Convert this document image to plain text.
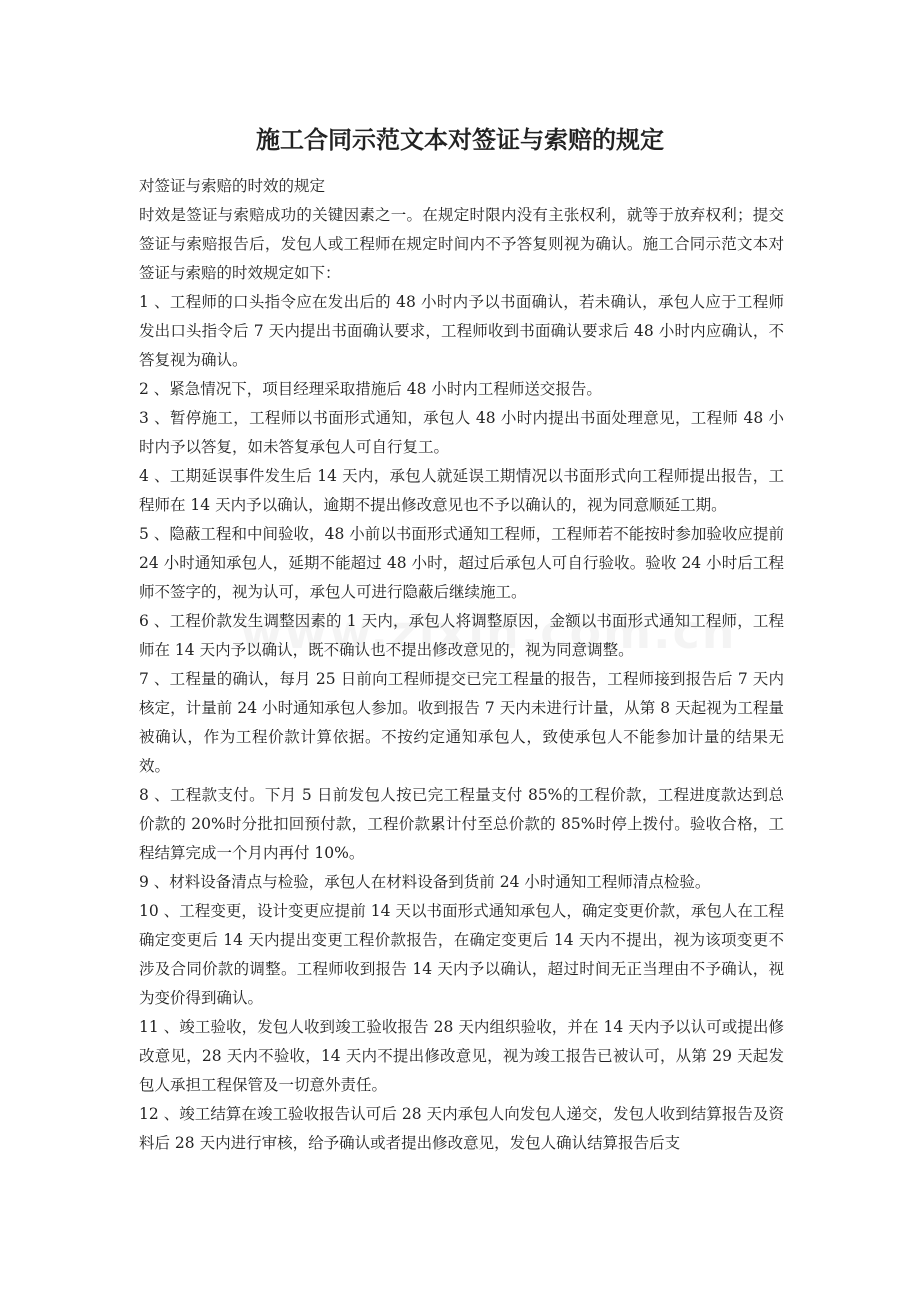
施工合同示范文本对签证与索赔的规定

对签证与索赔的时效的规定

时效是签证与索赔成功的关键因素之一。在规定时限内没有主张权利，就等于放弃权利；提交签证与索赔报告后，发包人或工程师在规定时间内不予答复则视为确认。施工合同示范文本对签证与索赔的时效规定如下：

1 、工程师的口头指令应在发出后的 48 小时内予以书面确认，若未确认，承包人应于工程师发出口头指令后 7 天内提出书面确认要求，工程师收到书面确认要求后 48 小时内应确认，不答复视为确认。

2 、紧急情况下，项目经理采取措施后 48 小时内工程师送交报告。

3 、暂停施工，工程师以书面形式通知，承包人 48 小时内提出书面处理意见，工程师 48 小时内予以答复，如未答复承包人可自行复工。

4 、工期延误事件发生后 14 天内，承包人就延误工期情况以书面形式向工程师提出报告，工程师在 14 天内予以确认，逾期不提出修改意见也不予以确认的，视为同意顺延工期。

5 、隐蔽工程和中间验收，48 小前以书面形式通知工程师，工程师若不能按时参加验收应提前 24 小时通知承包人，延期不能超过 48 小时，超过后承包人可自行验收。验收 24 小时后工程师不签字的，视为认可，承包人可进行隐蔽后继续施工。

6 、工程价款发生调整因素的 1 天内，承包人将调整原因，金额以书面形式通知工程师，工程师在 14 天内予以确认，既不确认也不提出修改意见的，视为同意调整。

7 、工程量的确认，每月 25 日前向工程师提交已完工程量的报告，工程师接到报告后 7 天内核定，计量前 24 小时通知承包人参加。收到报告 7 天内未进行计量，从第 8 天起视为工程量被确认，作为工程价款计算依据。不按约定通知承包人，致使承包人不能参加计量的结果无效。

8 、工程款支付。下月 5 日前发包人按已完工程量支付 85%的工程价款，工程进度款达到总价款的 20%时分批扣回预付款，工程价款累计付至总价款的 85%时停上拨付。验收合格，工程结算完成一个月内再付 10%。

9 、材料设备清点与检验，承包人在材料设备到货前 24 小时通知工程师清点检验。

10 、工程变更，设计变更应提前 14 天以书面形式通知承包人，确定变更价款，承包人在工程确定变更后 14 天内提出变更工程价款报告，在确定变更后 14 天内不提出，视为该项变更不涉及合同价款的调整。工程师收到报告 14 天内予以确认，超过时间无正当理由不予确认，视为变价得到确认。

11 、竣工验收，发包人收到竣工验收报告 28 天内组织验收，并在 14 天内予以认可或提出修改意见，28 天内不验收，14 天内不提出修改意见，视为竣工报告已被认可，从第 29 天起发包人承担工程保管及一切意外责任。

12 、竣工结算在竣工验收报告认可后 28 天内承包人向发包人递交，发包人收到结算报告及资料后 28 天内进行审核，给予确认或者提出修改意见，发包人确认结算报告后支
